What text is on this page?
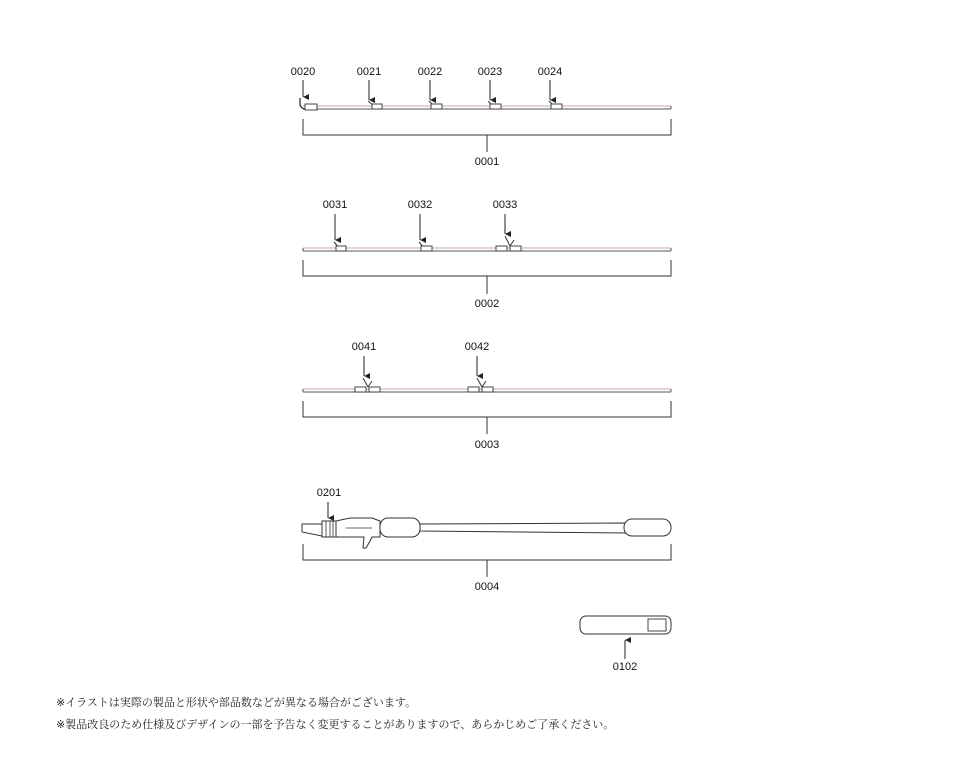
0020	0021	0022	0023	0024
0001
0031	0032	0033
0002
0041	0042
0003
0201
0004
0102
※イラストは実際の製品と形状や部品数などが異なる場合がございます。
※製品改良のため仕様及びデザインの一部を予告なく変更することがありますので、あらかじめご了承ください。
